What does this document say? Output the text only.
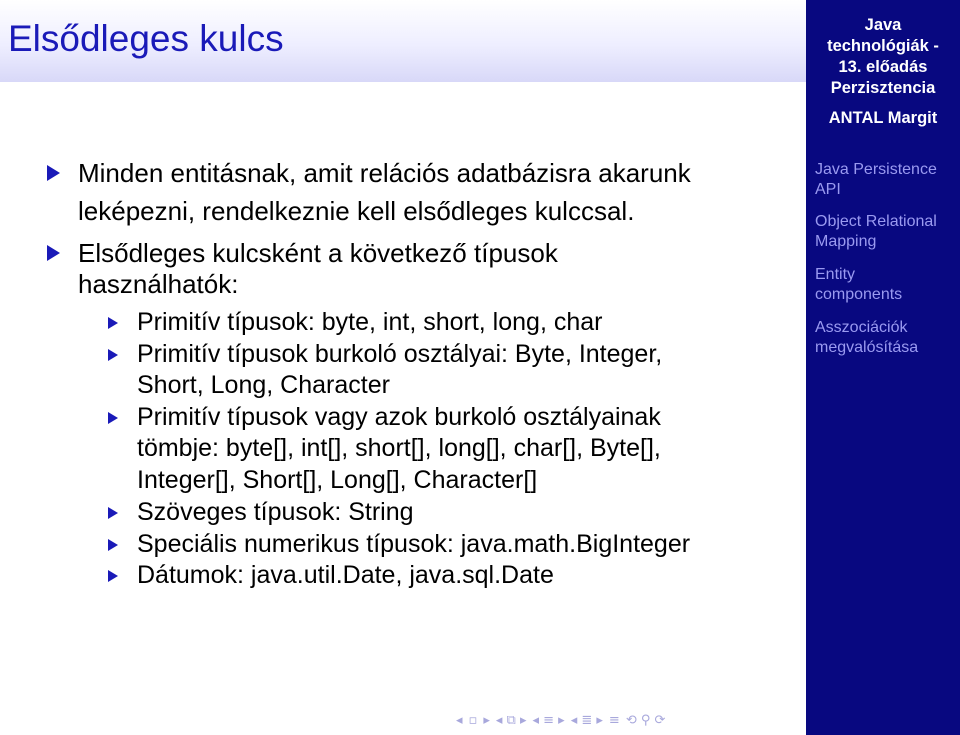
Elsődleges kulcs
Minden entitásnak, amit relációs adatbázisra akarunk
leképezni, rendelkeznie kell elsődleges kulccsal.
Elsődleges kulcsként a következő típusok
használhatók:
Primitív típusok: byte, int, short, long, char
Primitív típusok burkoló osztályai: Byte, Integer,
Short, Long, Character
Primitív típusok vagy azok burkoló osztályainak
tömbje: byte[], int[], short[], long[], char[], Byte[],
Integer[], Short[], Long[], Character[]
Szöveges típusok: String
Speciális numerikus típusok: java.math.BigInteger
Dátumok: java.util.Date, java.sql.Date
◂ ▫ ▸ ◂ ⧉ ▸ ◂ ≡ ▸ ◂ ≣ ▸ ≡ ⟲ ⚲ ⟳
Java
technológiák -
13. előadás
Perzisztencia
ANTAL Margit
Java Persistence
API
Object Relational
Mapping
Entity
components
Asszociációk
megvalósítása
